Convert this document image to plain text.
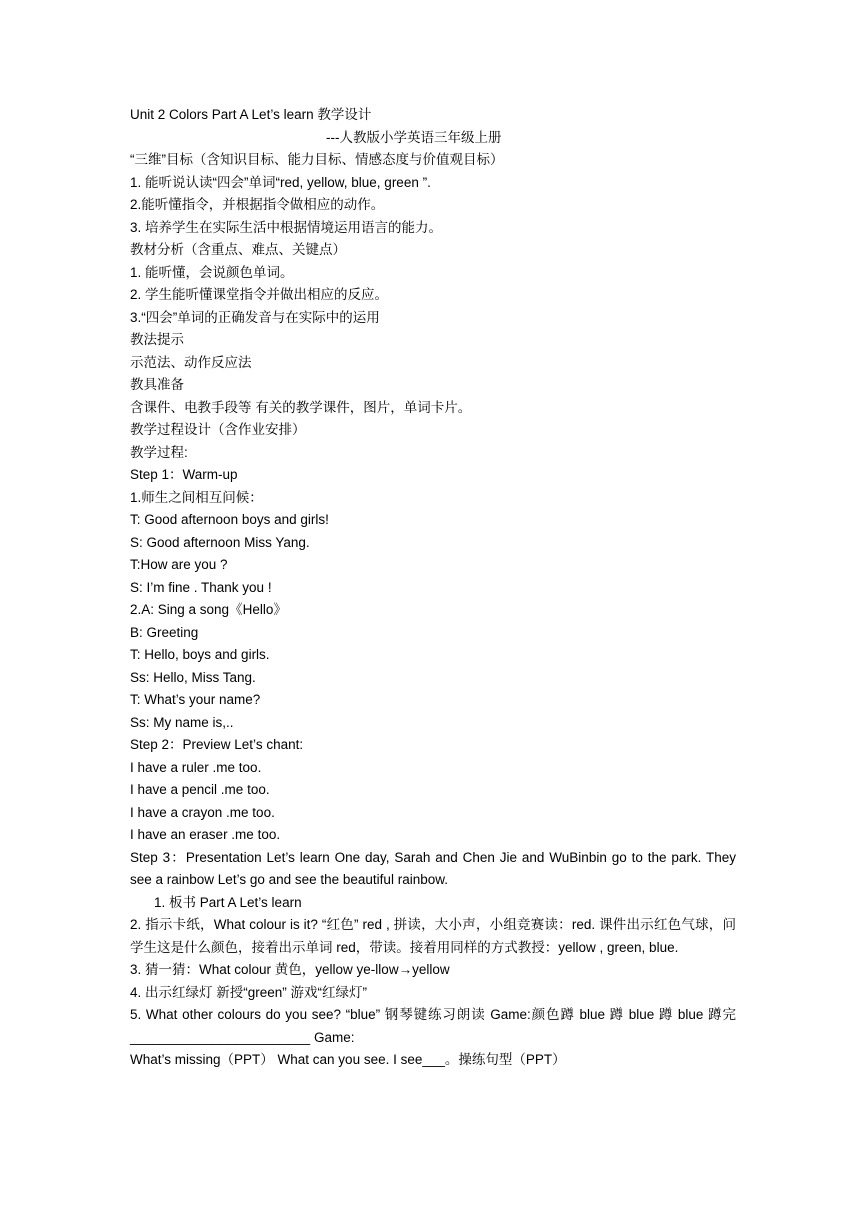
Unit 2 Colors Part A Let’s learn 教学设计
---人教版小学英语三年级上册
“三维”目标（含知识目标、能力目标、情感态度与价值观目标）
1. 能听说认读“四会”单词“red, yellow, blue, green ”.
2.能听懂指令，并根据指令做相应的动作。
3. 培养学生在实际生活中根据情境运用语言的能力。
教材分析（含重点、难点、关键点）
1. 能听懂，会说颜色单词。
2. 学生能听懂课堂指令并做出相应的反应。
3.“四会”单词的正确发音与在实际中的运用
教法提示
示范法、动作反应法
教具准备
含课件、电教手段等 有关的教学课件，图片，单词卡片。
教学过程设计（含作业安排）
教学过程:
Step 1：Warm-up
1.师生之间相互问候：
T: Good afternoon boys and girls!
S: Good afternoon Miss Yang.
T:How are you ?
S: I’m fine . Thank you !
2.A: Sing a song《Hello》
B: Greeting
T: Hello, boys and girls.
Ss: Hello, Miss Tang.
T: What’s your name?
Ss: My name is,..
Step 2：Preview Let’s chant:
I have a ruler .me too.
I have a pencil .me too.
I have a crayon .me too.
I have an eraser .me too.
Step 3：Presentation Let’s learn One day, Sarah and Chen Jie and WuBinbin go to the park. They see a rainbow Let’s go and see the beautiful rainbow.
1. 板书 Part A Let’s learn
2. 指示卡纸，What colour is it? “红色” red , 拼读，大小声，小组竞赛读：red. 课件出示红色气球，问学生这是什么颜色，接着出示单词 red，带读。接着用同样的方式教授：yellow , green, blue.
3. 猜一猜：What colour 黄色，yellow ye-llow→yellow
4. 出示红绿灯 新授“green” 游戏“红绿灯”
5. What other colours do you see? “blue” 钢琴键练习朗读 Game:颜色蹲 blue 蹲 blue 蹲 blue 蹲完________________________ Game:
What’s missing（PPT） What can you see. I see___。操练句型（PPT）
